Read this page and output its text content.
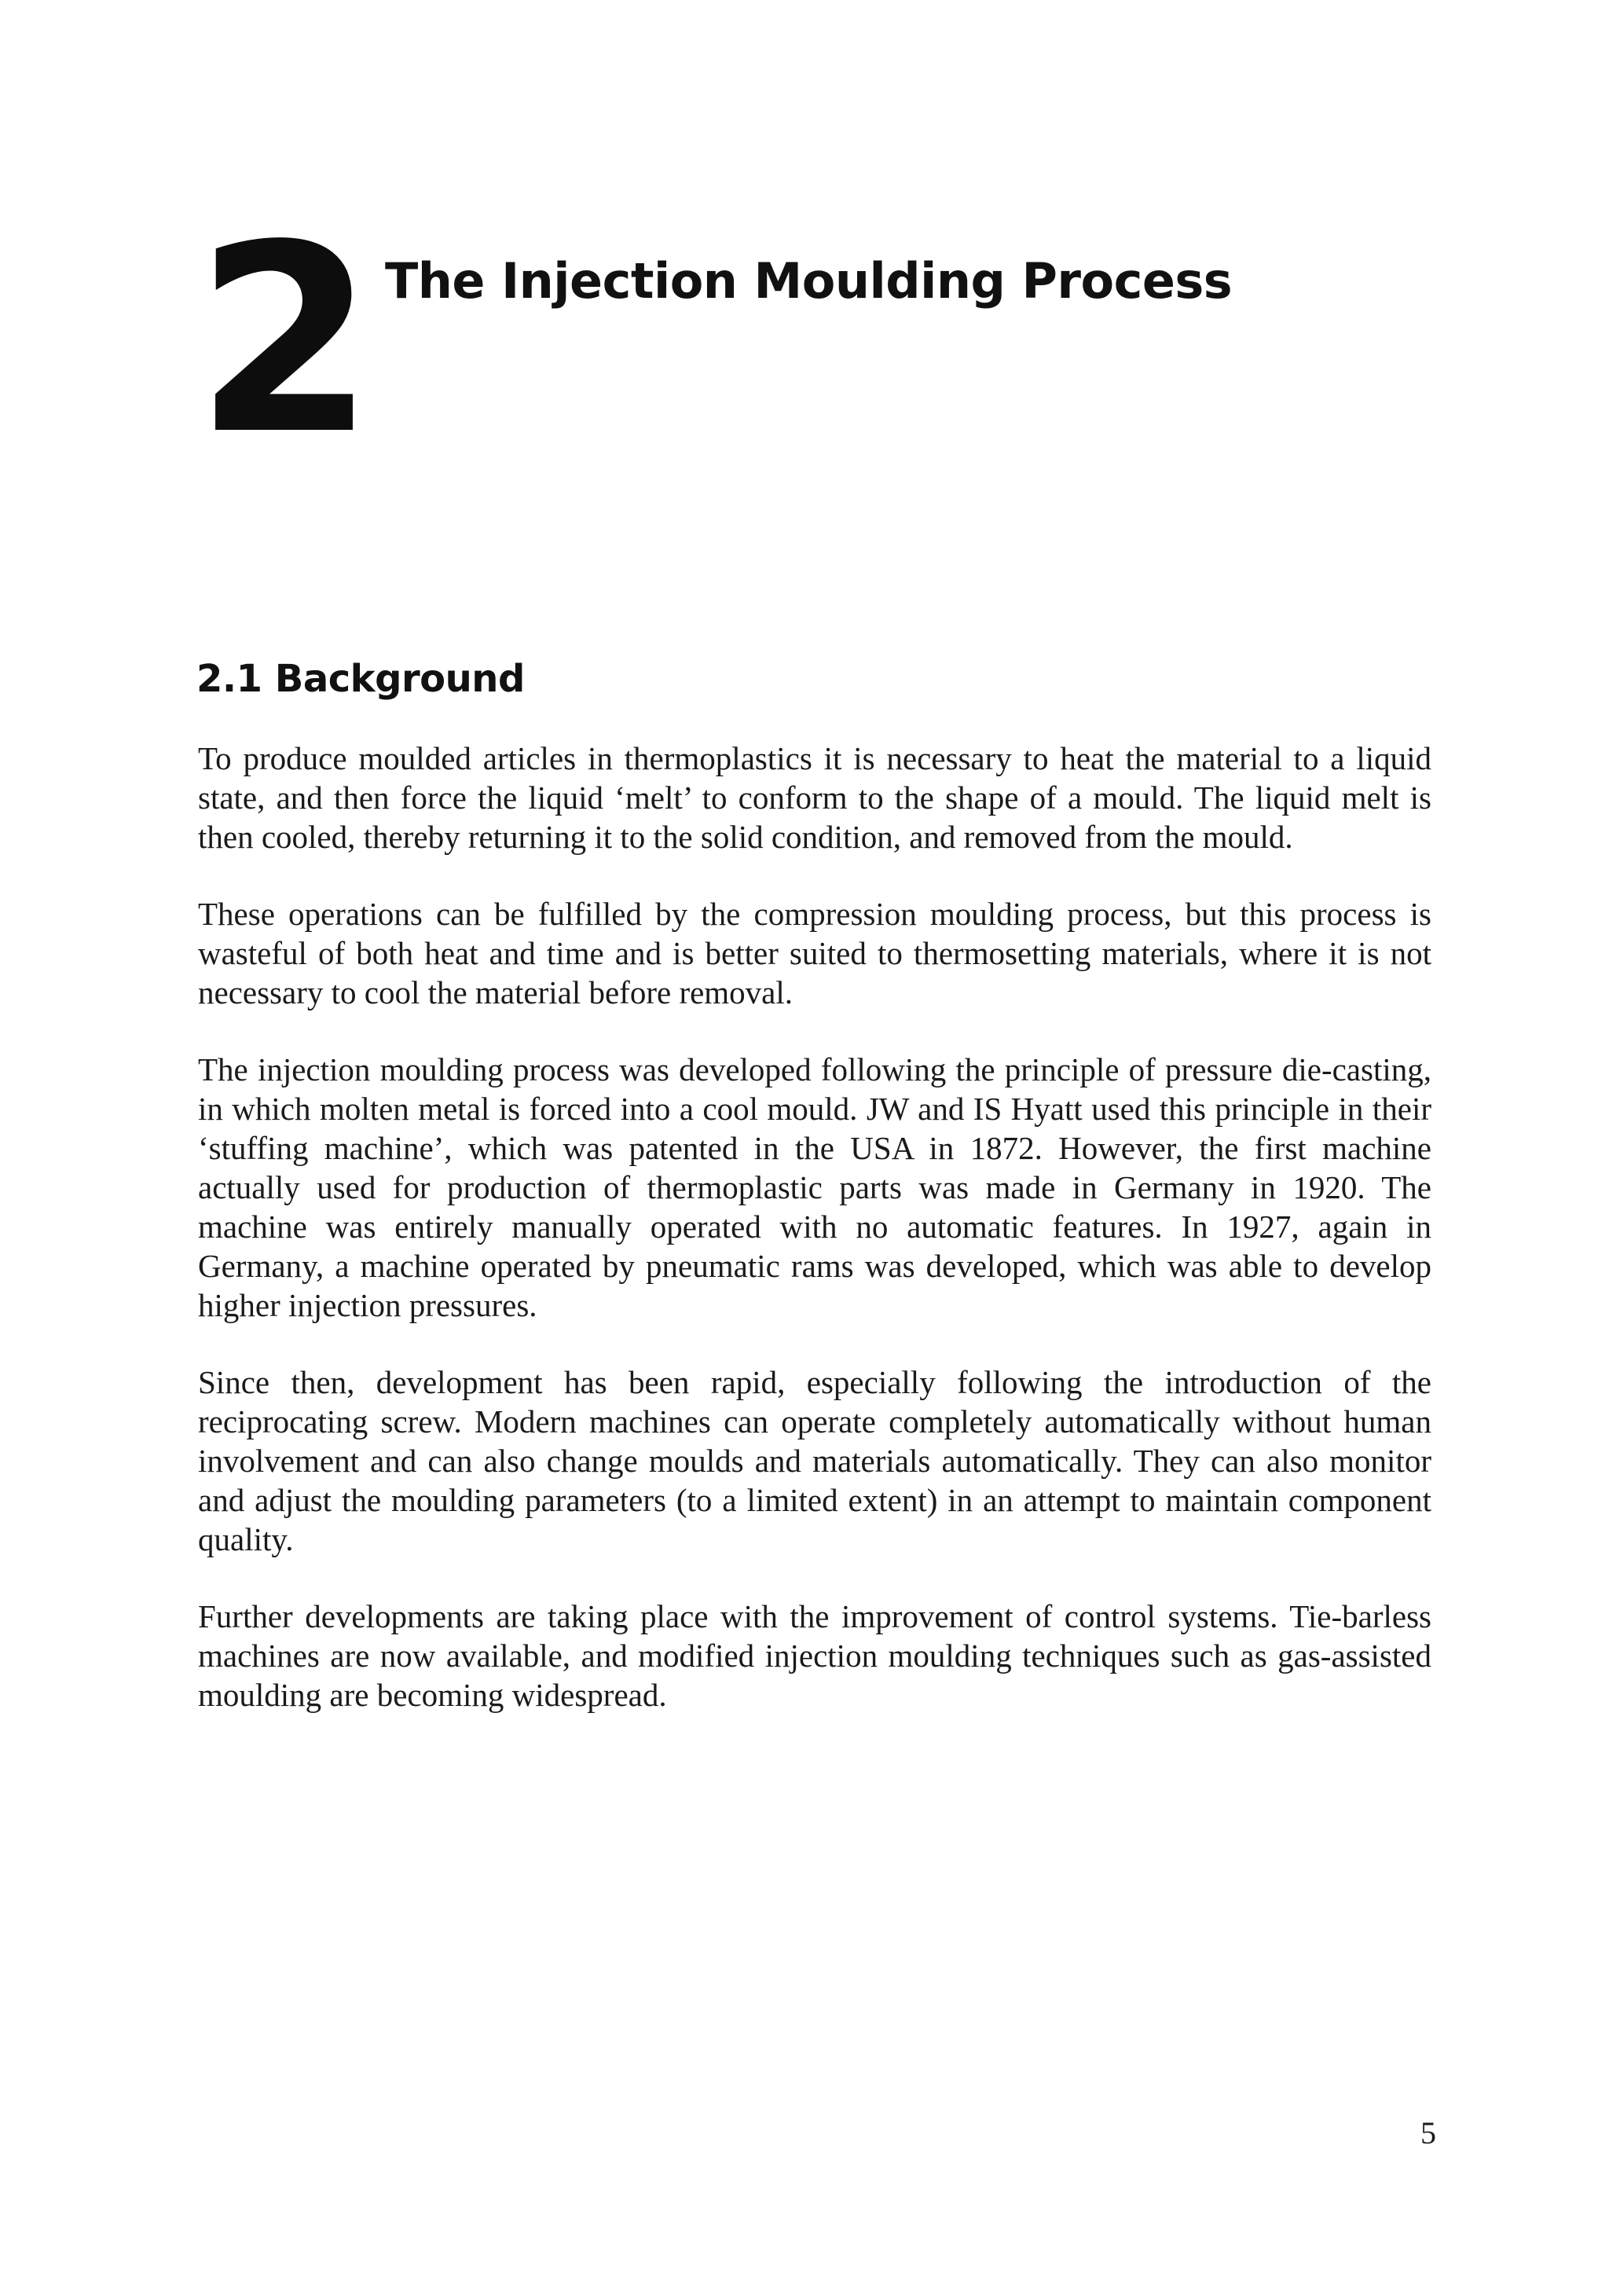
2 The Injection Moulding Process
2.1 Background

To produce moulded articles in thermoplastics it is necessary to heat the material to a liquid state, and then force the liquid ‘melt’ to conform to the shape of a mould. The liquid melt is then cooled, thereby returning it to the solid condition, and removed from the mould.

These operations can be fulfilled by the compression moulding process, but this process is wasteful of both heat and time and is better suited to thermosetting materials, where it is not necessary to cool the material before removal.

The injection moulding process was developed following the principle of pressure die-casting, in which molten metal is forced into a cool mould. JW and IS Hyatt used this principle in their ‘stuffing machine’, which was patented in the USA in 1872. However, the first machine actually used for production of thermoplastic parts was made in Germany in 1920. The machine was entirely manually operated with no automatic features. In 1927, again in Germany, a machine operated by pneumatic rams was developed, which was able to develop higher injection pressures.

Since then, development has been rapid, especially following the introduction of the reciprocating screw. Modern machines can operate completely automatically without human involvement and can also change moulds and materials automatically. They can also monitor and adjust the moulding parameters (to a limited extent) in an attempt to maintain component quality.

Further developments are taking place with the improvement of control systems. Tie-barless machines are now available, and modified injection moulding techniques such as gas-assisted moulding are becoming widespread.

5
